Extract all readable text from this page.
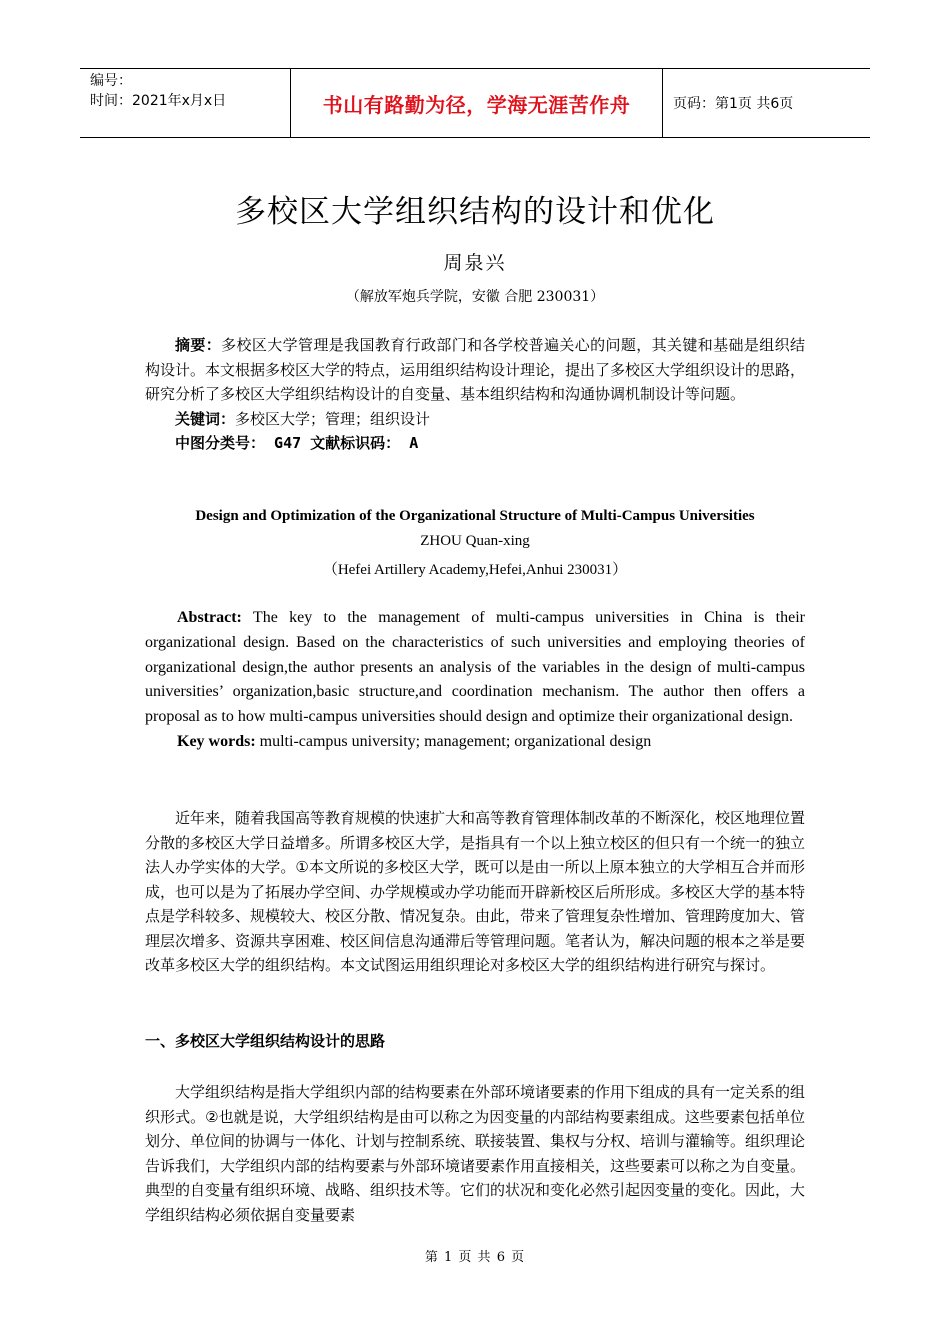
编号：
时间：2021年x月x日	书山有路勤为径，学海无涯苦作舟	页码：第1页 共6页
多校区大学组织结构的设计和优化
周泉兴
（解放军炮兵学院，安徽 合肥 230031）
摘要：多校区大学管理是我国教育行政部门和各学校普遍关心的问题，其关键和基础是组织结构设计。本文根据多校区大学的特点，运用组织结构设计理论，提出了多校区大学组织设计的思路，研究分析了多校区大学组织结构设计的自变量、基本组织结构和沟通协调机制设计等问题。
关键词：多校区大学；管理；组织设计
中图分类号： G47 文献标识码： A
Design and Optimization of the Organizational Structure of Multi-Campus Universities
ZHOU Quan-xing
（Hefei Artillery Academy,Hefei,Anhui 230031）
Abstract: The key to the management of multi-campus universities in China is their organizational design. Based on the characteristics of such universities and employing theories of organizational design,the author presents an analysis of the variables in the design of multi-campus universities’ organization,basic structure,and coordination mechanism. The author then offers a proposal as to how multi-campus universities should design and optimize their organizational design.
Key words: multi-campus university; management; organizational design
近年来，随着我国高等教育规模的快速扩大和高等教育管理体制改革的不断深化，校区地理位置分散的多校区大学日益增多。所谓多校区大学，是指具有一个以上独立校区的但只有一个统一的独立法人办学实体的大学。①本文所说的多校区大学，既可以是由一所以上原本独立的大学相互合并而形成，也可以是为了拓展办学空间、办学规模或办学功能而开辟新校区后所形成。多校区大学的基本特点是学科较多、规模较大、校区分散、情况复杂。由此，带来了管理复杂性增加、管理跨度加大、管理层次增多、资源共享困难、校区间信息沟通滞后等管理问题。笔者认为，解决问题的根本之举是要改革多校区大学的组织结构。本文试图运用组织理论对多校区大学的组织结构进行研究与探讨。
一、多校区大学组织结构设计的思路
大学组织结构是指大学组织内部的结构要素在外部环境诸要素的作用下组成的具有一定关系的组织形式。②也就是说，大学组织结构是由可以称之为因变量的内部结构要素组成。这些要素包括单位划分、单位间的协调与一体化、计划与控制系统、联接装置、集权与分权、培训与灌输等。组织理论告诉我们，大学组织内部的结构要素与外部环境诸要素作用直接相关，这些要素可以称之为自变量。典型的自变量有组织环境、战略、组织技术等。它们的状况和变化必然引起因变量的变化。因此，大学组织结构必须依据自变量要素
第 1 页 共 6 页
